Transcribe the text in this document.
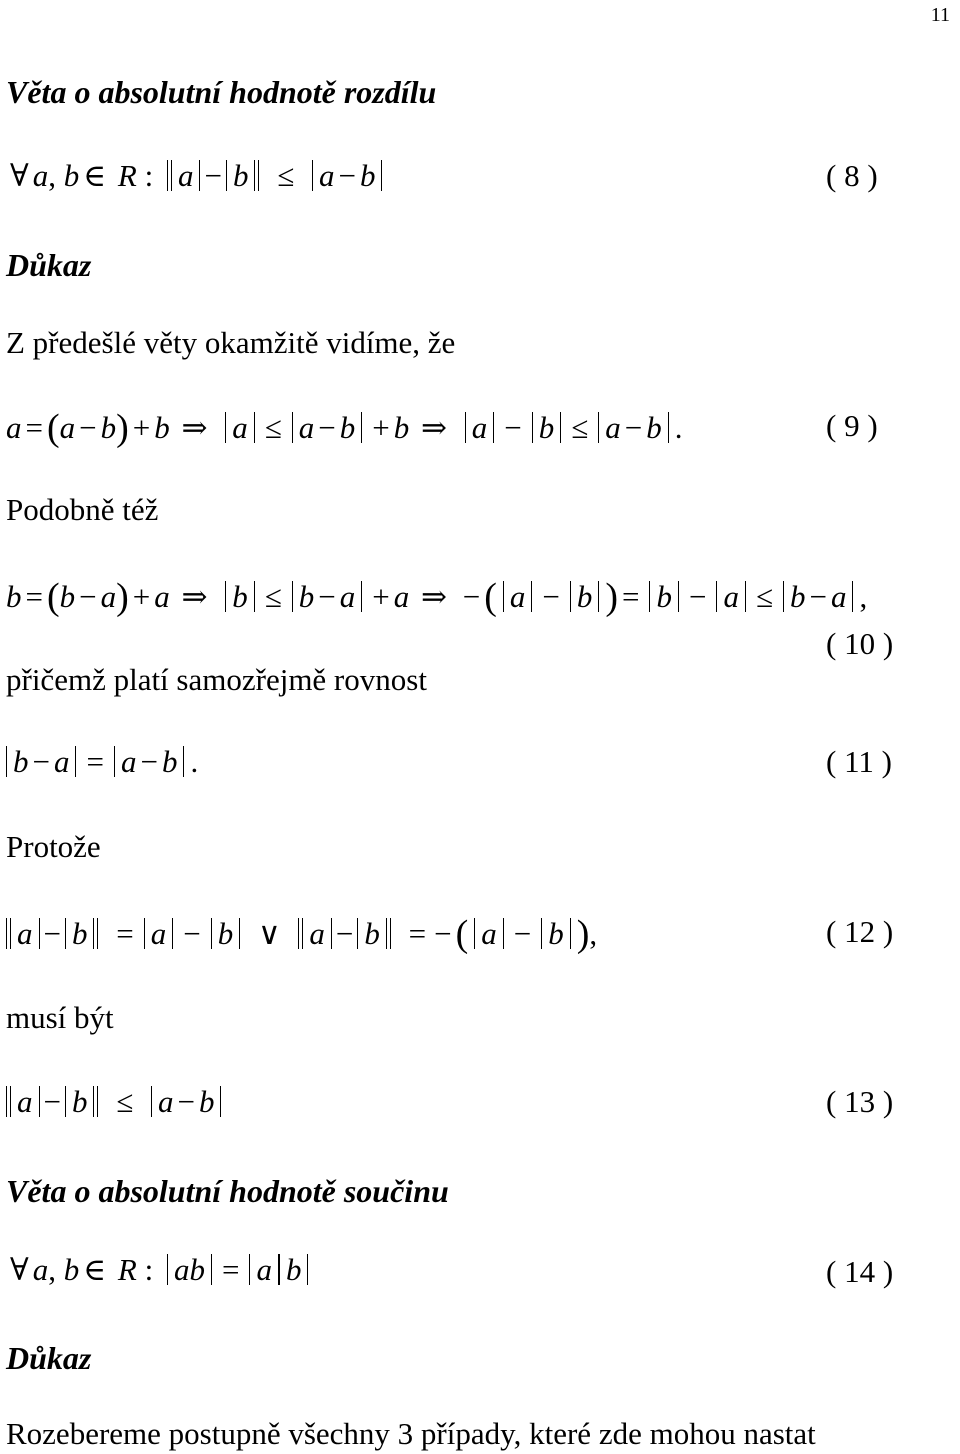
11
Věta o absolutní hodnotě rozdílu
∀ a, b ∈ R : a − b ≤ a − b	( 8 )
Důkaz
Z předešlé věty okamžitě vidíme, že
a = (a − b) + b ⇒ a ≤ a − b + b ⇒ a − b ≤ a − b .	( 9 )
Podobně též
b = (b − a) + a ⇒ b ≤ b − a + a ⇒ − ( a − b ) = b − a ≤ b − a ,
( 10 )
přičemž platí samozřejmě rovnost
b − a = a − b .	( 11 )
Protože
a − b = a − b ∨ a − b = − ( a − b ),	( 12 )
musí být
a − b ≤ a − b	( 13 )
Věta o absolutní hodnotě součinu
∀ a, b ∈ R : ab = a b	( 14 )
Důkaz
Rozebereme postupně všechny 3 případy, které zde mohou nastat
